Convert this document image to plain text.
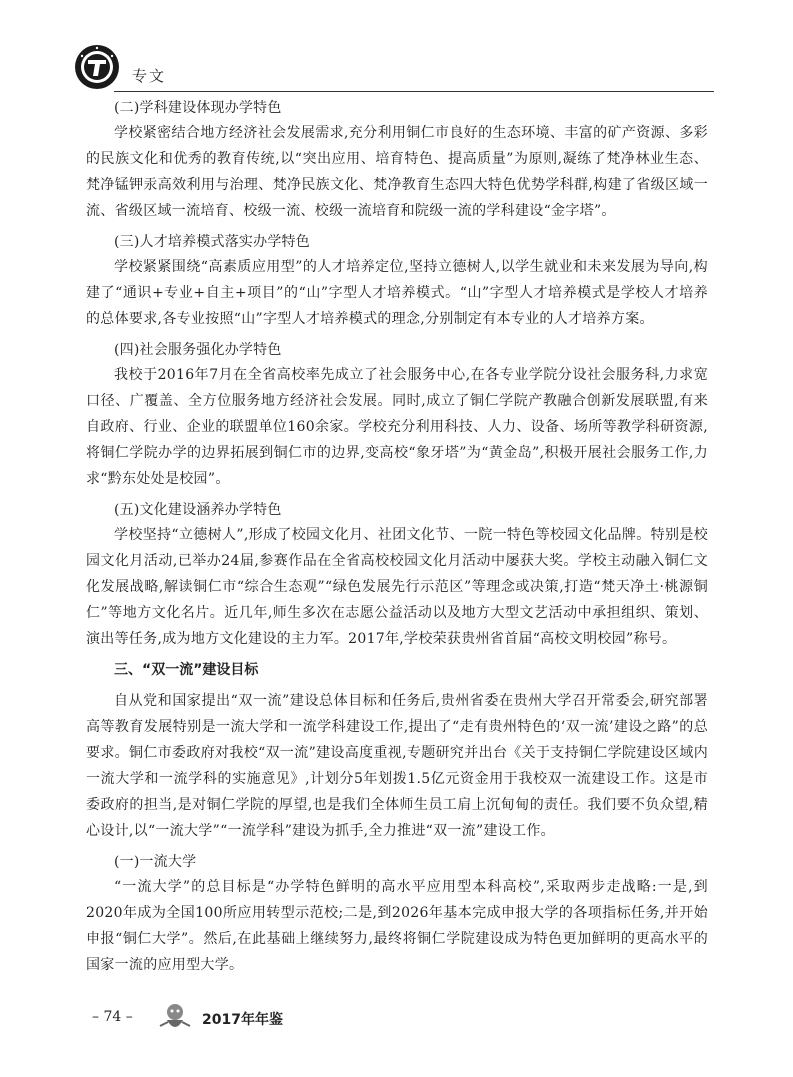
专文

(二)学科建设体现办学特色

学校紧密结合地方经济社会发展需求,充分利用铜仁市良好的生态环境、丰富的矿产资源、多彩的民族文化和优秀的教育传统,以“突出应用、培育特色、提高质量”为原则,凝练了梵净林业生态、梵净锰钾汞高效利用与治理、梵净民族文化、梵净教育生态四大特色优势学科群,构建了省级区域一流、省级区域一流培育、校级一流、校级一流培育和院级一流的学科建设“金字塔”。

(三)人才培养模式落实办学特色

学校紧紧围绕“高素质应用型”的人才培养定位,坚持立德树人,以学生就业和未来发展为导向,构建了“通识+专业+自主+项目”的“山”字型人才培养模式。“山”字型人才培养模式是学校人才培养的总体要求,各专业按照“山”字型人才培养模式的理念,分别制定有本专业的人才培养方案。

(四)社会服务强化办学特色

我校于2016年7月在全省高校率先成立了社会服务中心,在各专业学院分设社会服务科,力求宽口径、广覆盖、全方位服务地方经济社会发展。同时,成立了铜仁学院产教融合创新发展联盟,有来自政府、行业、企业的联盟单位160余家。学校充分利用科技、人力、设备、场所等教学科研资源,将铜仁学院办学的边界拓展到铜仁市的边界,变高校“象牙塔”为“黄金岛”,积极开展社会服务工作,力求“黔东处处是校园”。

(五)文化建设涵养办学特色

学校坚持“立德树人”,形成了校园文化月、社团文化节、一院一特色等校园文化品牌。特别是校园文化月活动,已举办24届,参赛作品在全省高校校园文化月活动中屡获大奖。学校主动融入铜仁文化发展战略,解读铜仁市“综合生态观”“绿色发展先行示范区”等理念或决策,打造“梵天净土·桃源铜仁”等地方文化名片。近几年,师生多次在志愿公益活动以及地方大型文艺活动中承担组织、策划、演出等任务,成为地方文化建设的主力军。2017年,学校荣获贵州省首届“高校文明校园”称号。

三、“双一流”建设目标

自从党和国家提出“双一流”建设总体目标和任务后,贵州省委在贵州大学召开常委会,研究部署高等教育发展特别是一流大学和一流学科建设工作,提出了“走有贵州特色的‘双一流’建设之路”的总要求。铜仁市委政府对我校“双一流”建设高度重视,专题研究并出台《关于支持铜仁学院建设区域内一流大学和一流学科的实施意见》,计划分5年划拨1.5亿元资金用于我校双一流建设工作。这是市委政府的担当,是对铜仁学院的厚望,也是我们全体师生员工肩上沉甸甸的责任。我们要不负众望,精心设计,以“一流大学”“一流学科”建设为抓手,全力推进“双一流”建设工作。

(一)一流大学

“一流大学”的总目标是“办学特色鲜明的高水平应用型本科高校”,采取两步走战略:一是,到2020年成为全国100所应用转型示范校;二是,到2026年基本完成申报大学的各项指标任务,并开始申报“铜仁大学”。然后,在此基础上继续努力,最终将铜仁学院建设成为特色更加鲜明的更高水平的国家一流的应用型大学。

– 74 –	2017年年鉴
